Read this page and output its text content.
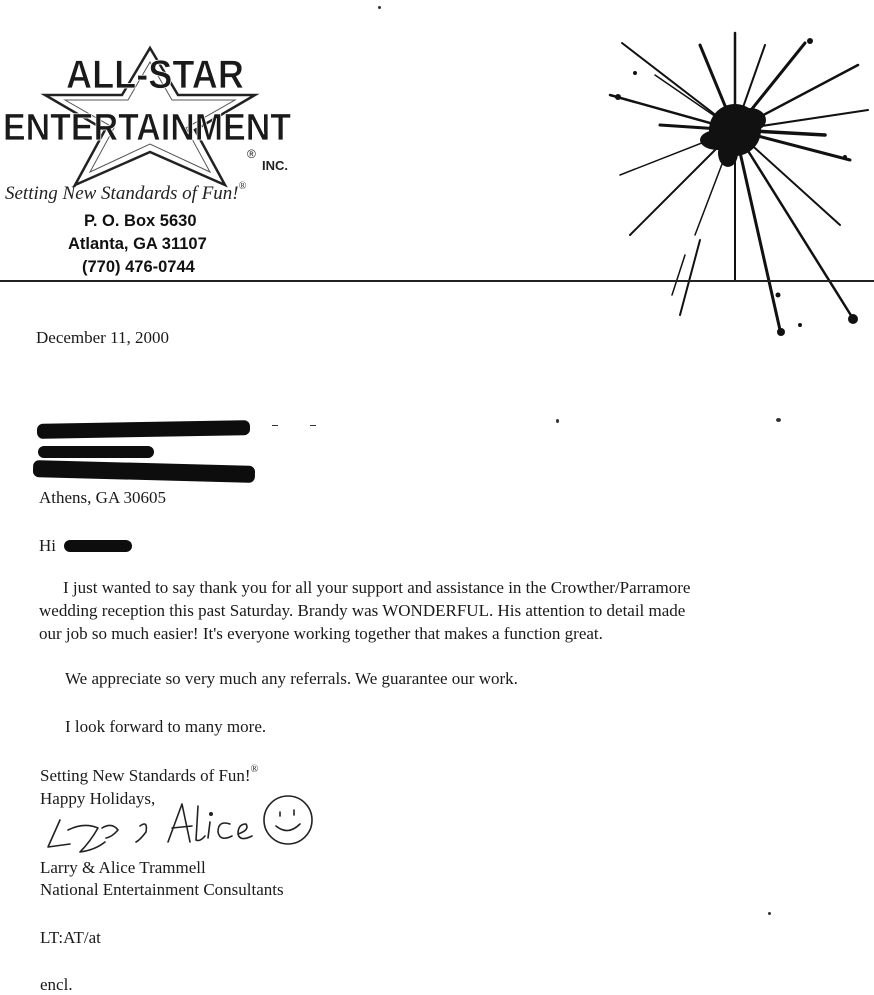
ALL-STAR
ENTERTAINMENT
®
INC.
Setting New Standards of Fun!®
P. O. Box 5630
Atlanta, GA 31107
(770) 476-0744
December 11, 2000
Athens, GA 30605
Hi
I just wanted to say thank you for all your support and assistance in the Crowther/Parramore
wedding reception this past Saturday. Brandy was WONDERFUL. His attention to detail made
our job so much easier! It's everyone working together that makes a function great.
We appreciate so very much any referrals. We guarantee our work.
I look forward to many more.
Setting New Standards of Fun!®
Happy Holidays,
Larry & Alice Trammell
National Entertainment Consultants
LT:AT/at
encl.
